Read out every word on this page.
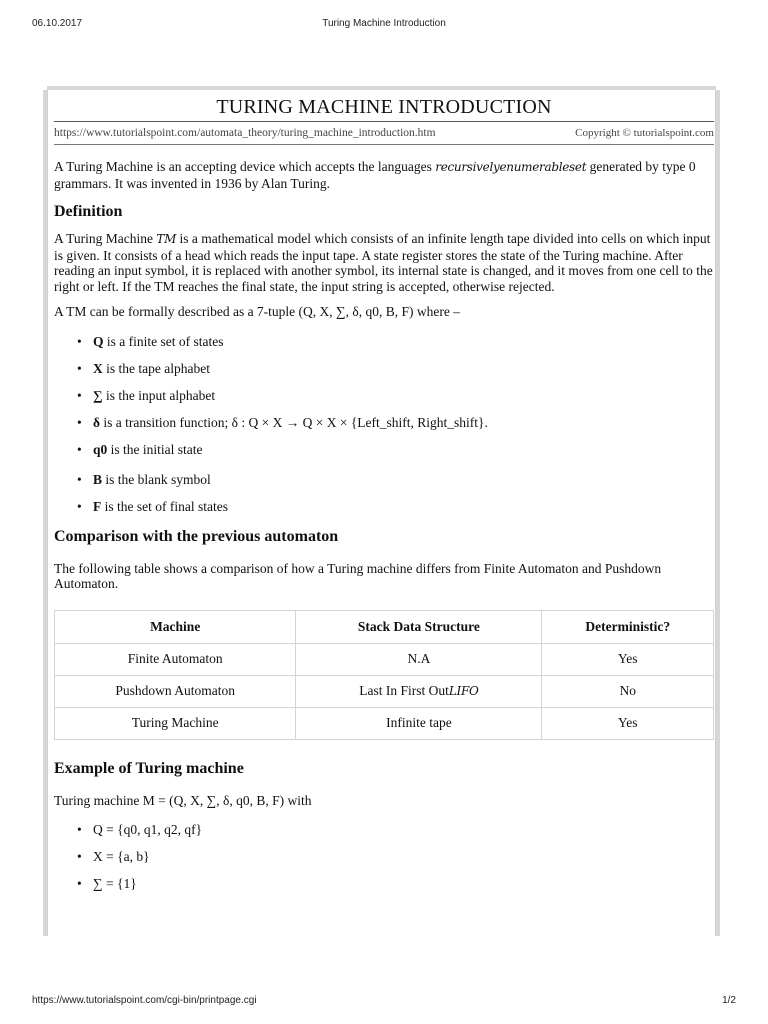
06.10.2017	Turing Machine Introduction
TURING MACHINE INTRODUCTION
https://www.tutorialspoint.com/automata_theory/turing_machine_introduction.htm	Copyright © tutorialspoint.com

A Turing Machine is an accepting device which accepts the languages recursivelyenumerableset generated by type 0 grammars. It was invented in 1936 by Alan Turing.

Definition

A Turing Machine TM is a mathematical model which consists of an infinite length tape divided into cells on which input is given. It consists of a head which reads the input tape. A state register stores the state of the Turing machine. After reading an input symbol, it is replaced with another symbol, its internal state is changed, and it moves from one cell to the right or left. If the TM reaches the final state, the input string is accepted, otherwise rejected.

A TM can be formally described as a 7-tuple (Q, X, ∑, δ, q0, B, F) where –

• Q is a finite set of states
• X is the tape alphabet
• ∑ is the input alphabet
• δ is a transition function; δ : Q × X → Q × X × {Left_shift, Right_shift}.
• q0 is the initial state
• B is the blank symbol
• F is the set of final states
Comparison with the previous automaton

The following table shows a comparison of how a Turing machine differs from Finite Automaton and Pushdown Automaton.

Machine	Stack Data Structure	Deterministic?
Finite Automaton	N.A	Yes
Pushdown Automaton	Last In First OutLIFO	No
Turing Machine	Infinite tape	Yes
Example of Turing machine

Turing machine M = (Q, X, ∑, δ, q0, B, F) with

• Q = {q0, q1, q2, qf}
• X = {a, b}
• ∑ = {1}
https://www.tutorialspoint.com/cgi-bin/printpage.cgi	1/2
